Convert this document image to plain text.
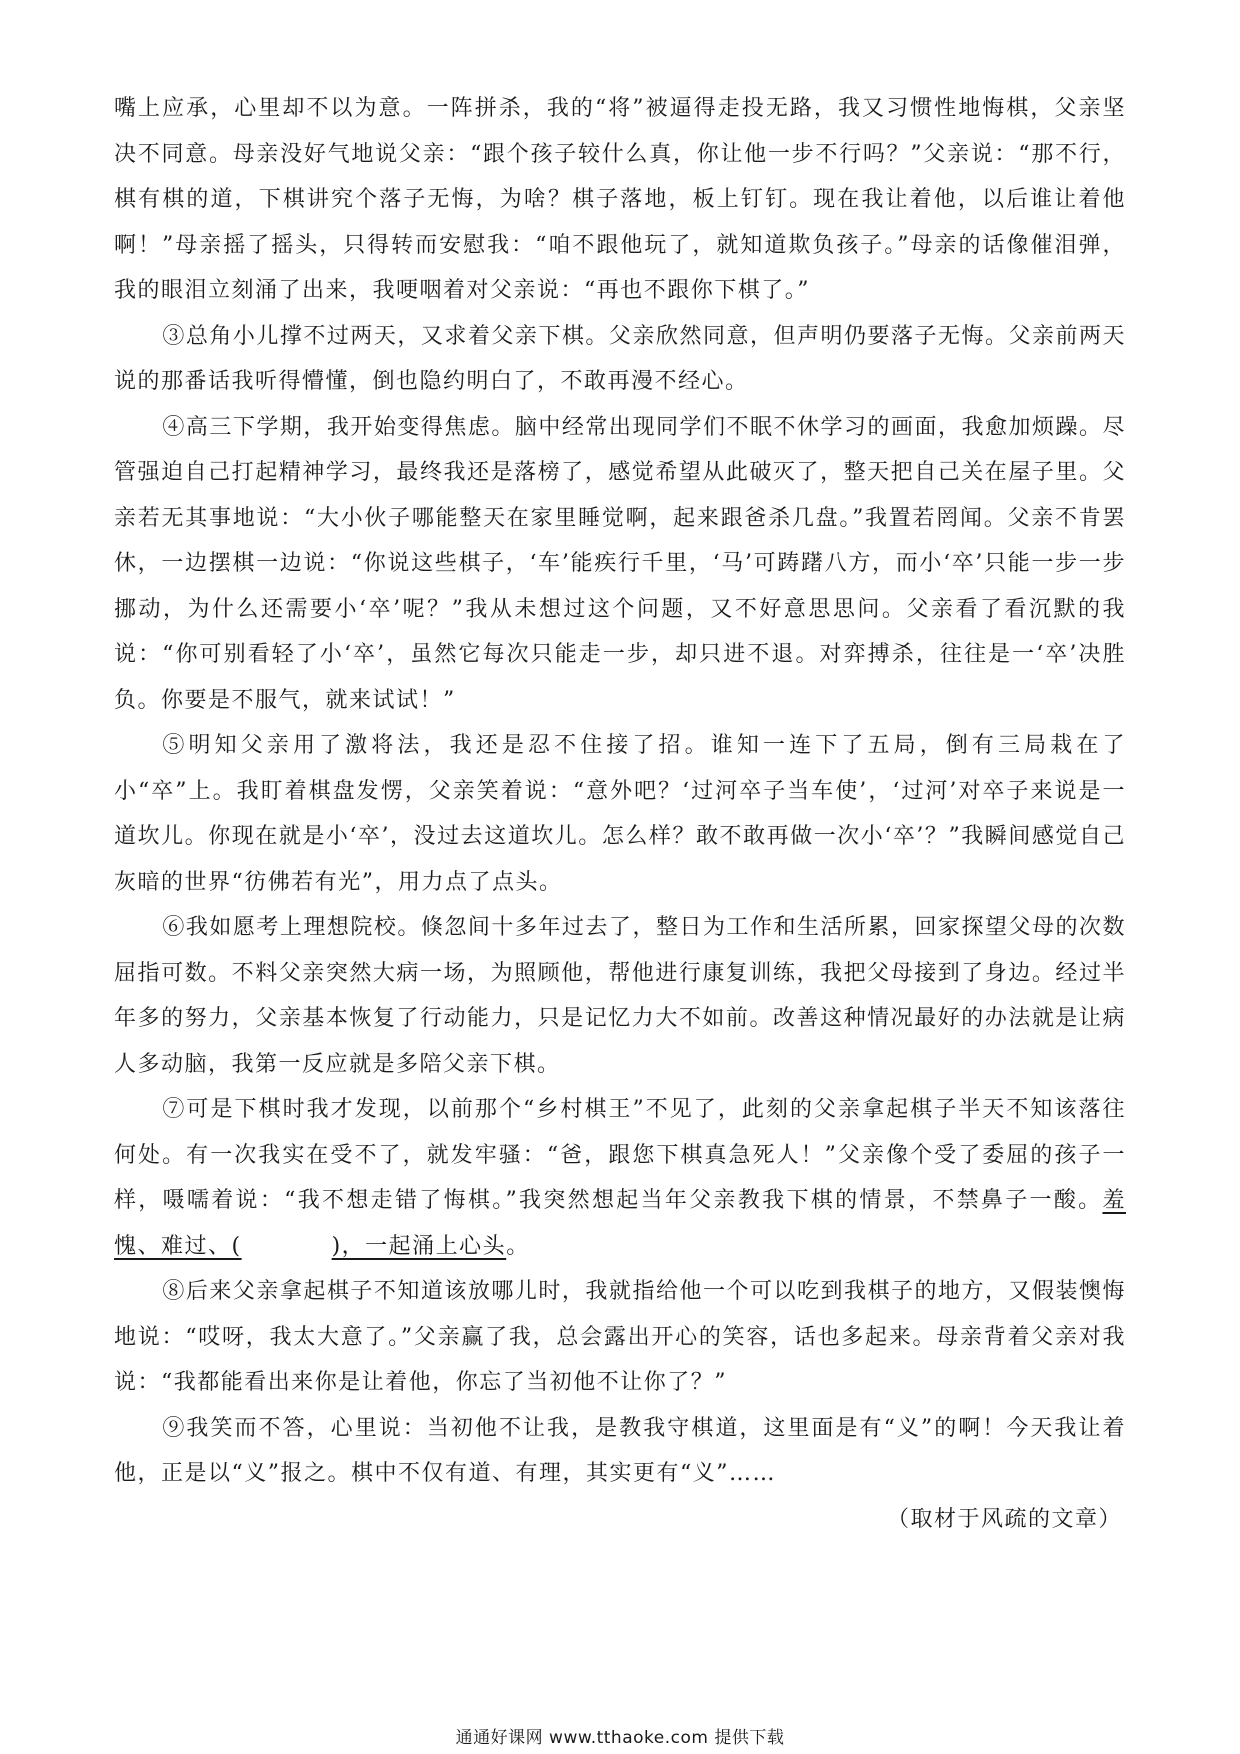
嘴上应承，心里却不以为意。一阵拼杀，我的“将”被逼得走投无路，我又习惯性地悔棋，父亲坚决不同意。母亲没好气地说父亲：“跟个孩子较什么真，你让他一步不行吗？”父亲说：“那不行，棋有棋的道，下棋讲究个落子无悔，为啥？棋子落地，板上钉钉。现在我让着他，以后谁让着他啊！”母亲摇了摇头，只得转而安慰我：“咱不跟他玩了，就知道欺负孩子。”母亲的话像催泪弹，我的眼泪立刻涌了出来，我哽咽着对父亲说：“再也不跟你下棋了。”

③总角小儿撑不过两天，又求着父亲下棋。父亲欣然同意，但声明仍要落子无悔。父亲前两天说的那番话我听得懵懂，倒也隐约明白了，不敢再漫不经心。

④高三下学期，我开始变得焦虑。脑中经常出现同学们不眠不休学习的画面，我愈加烦躁。尽管强迫自己打起精神学习，最终我还是落榜了，感觉希望从此破灭了，整天把自己关在屋子里。父亲若无其事地说：“大小伙子哪能整天在家里睡觉啊，起来跟爸杀几盘。”我置若罔闻。父亲不肯罢休，一边摆棋一边说：“你说这些棋子，‘车’能疾行千里，‘马’可踌躇八方，而小‘卒’只能一步一步挪动，为什么还需要小‘卒’呢？”我从未想过这个问题，又不好意思思问。父亲看了看沉默的我说：“你可别看轻了小‘卒’，虽然它每次只能走一步，却只进不退。对弈搏杀，往往是一‘卒’决胜负。你要是不服气，就来试试！”

⑤明知父亲用了激将法，我还是忍不住接了招。谁知一连下了五局，倒有三局栽在了小“卒”上。我盯着棋盘发愣，父亲笑着说：“意外吧？‘过河卒子当车使’，‘过河’对卒子来说是一道坎儿。你现在就是小‘卒’，没过去这道坎儿。怎么样？敢不敢再做一次小‘卒’？”我瞬间感觉自己灰暗的世界“彷佛若有光”，用力点了点头。

⑥我如愿考上理想院校。倏忽间十多年过去了，整日为工作和生活所累，回家探望父母的次数屈指可数。不料父亲突然大病一场，为照顾他，帮他进行康复训练，我把父母接到了身边。经过半年多的努力，父亲基本恢复了行动能力，只是记忆力大不如前。改善这种情况最好的办法就是让病人多动脑，我第一反应就是多陪父亲下棋。

⑦可是下棋时我才发现，以前那个“乡村棋王”不见了，此刻的父亲拿起棋子半天不知该落往何处。有一次我实在受不了，就发牢骚：“爸，跟您下棋真急死人！”父亲像个受了委屈的孩子一样，嗫嚅着说：“我不想走错了悔棋。”我突然想起当年父亲教我下棋的情景，不禁鼻子一酸。羞愧、难过、(	)，一起涌上心头。

⑧后来父亲拿起棋子不知道该放哪儿时，我就指给他一个可以吃到我棋子的地方，又假装懊悔地说：“哎呀，我太大意了。”父亲赢了我，总会露出开心的笑容，话也多起来。母亲背着父亲对我说：“我都能看出来你是让着他，你忘了当初他不让你了？”

⑨我笑而不答，心里说：当初他不让我，是教我守棋道，这里面是有“义”的啊！今天我让着他，正是以“义”报之。棋中不仅有道、有理，其实更有“义”……

（取材于风疏的文章）

通通好课网 www.tthaoke.com 提供下载
